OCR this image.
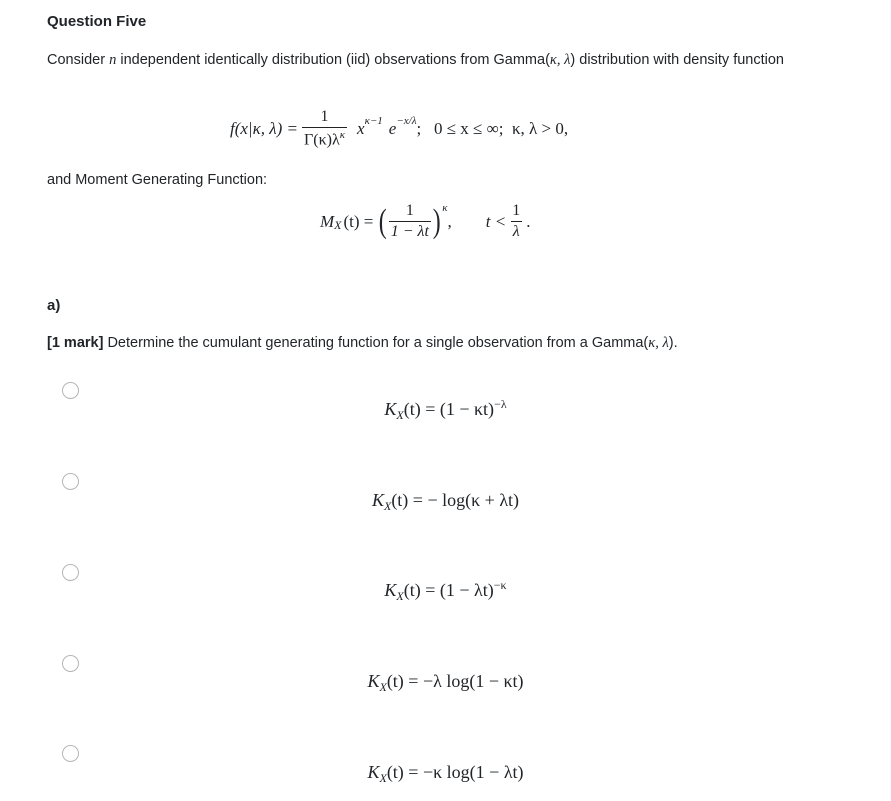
Question Five
Consider n independent identically distribution (iid) observations from Gamma(κ, λ) distribution with density function
f(x|κ, $\lambda) = \frac{1}{\Gamma(\kappa)\lambda^\kappa} x^{\kappa-1}$ $e^{-x/\lambda}$ ;   0 ≤ x ≤ ∞;  κ, λ > 0,
and Moment Generating Function:
M X (t) = ( $\frac{1}{1 - \lambda t} )^\kappa$
, $t < \frac{1}{\lambda}$ .
a)
[1 mark] Determine the cumulant generating function for a single observation from a Gamma(κ, λ).
$K_X(t) = (1 - \kappa t)^{-\lambda}$
$K_X(t)$ = − log(κ + λt)
$K_X(t) = (1 - \lambda t)^{-\kappa}$
$K_X(t) = -\lambda$ log(1 − κt)
$K_X(t) = -\kappa$ log(1 − λt)
